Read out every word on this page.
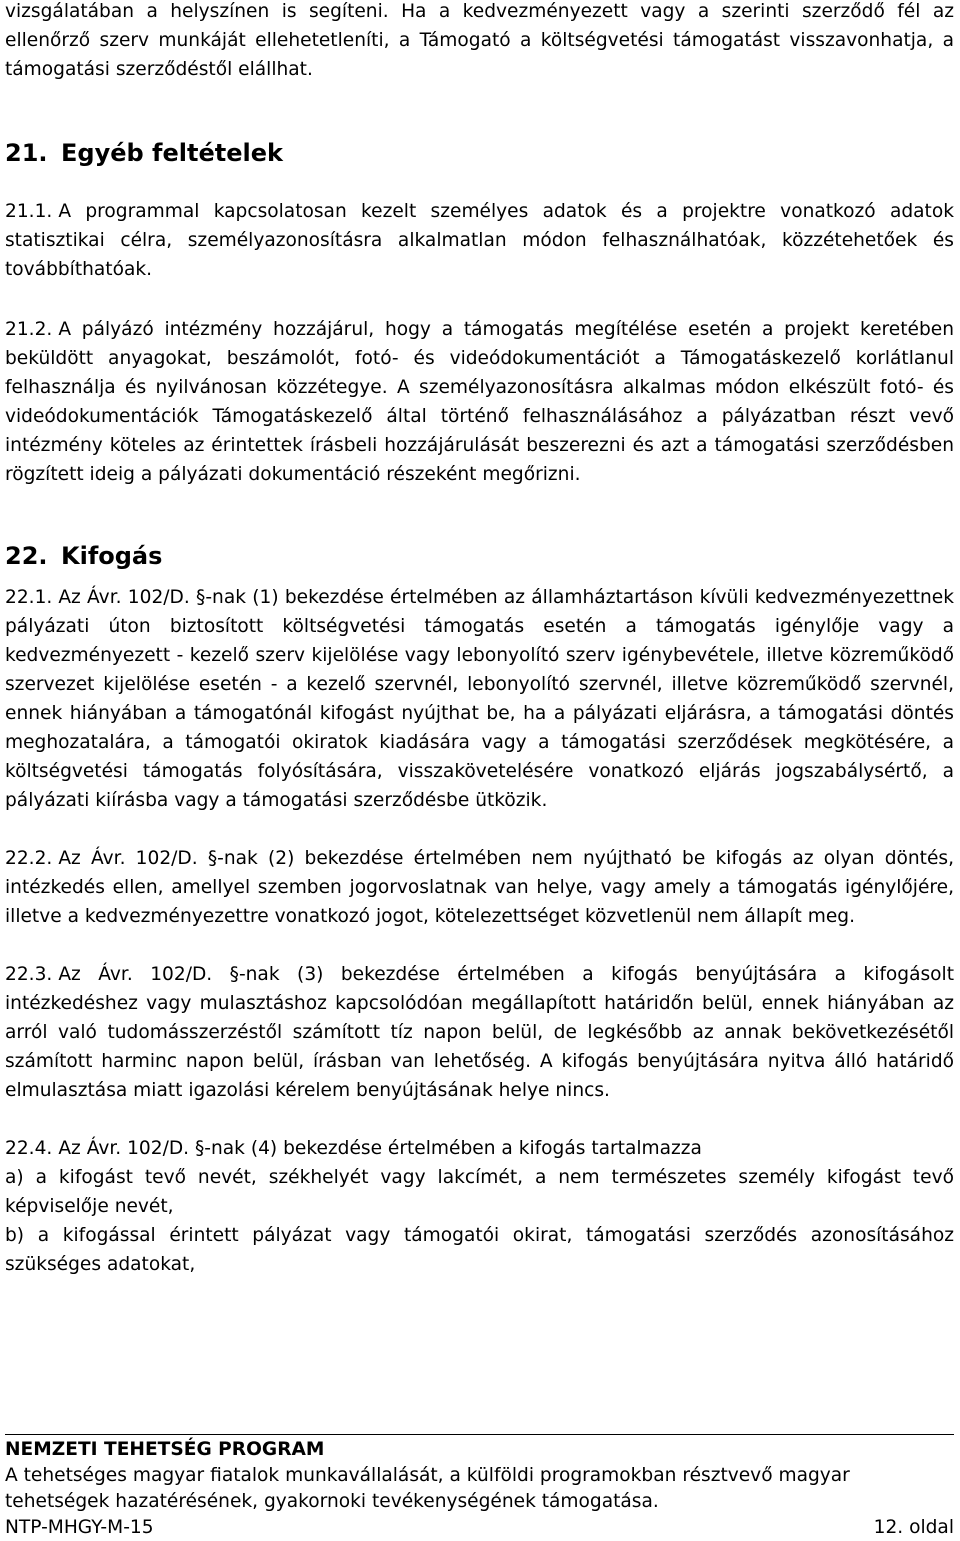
vizsgálatában a helyszínen is segíteni. Ha a kedvezményezett vagy a szerinti szerződő fél az ellenőrző szerv munkáját ellehetetleníti, a Támogató a költségvetési támogatást visszavonhatja, a támogatási szerződéstől elállhat.

21. Egyéb feltételek

21.1. A programmal kapcsolatosan kezelt személyes adatok és a projektre vonatkozó adatok statisztikai célra, személyazonosításra alkalmatlan módon felhasználhatóak, közzétehetőek és továbbíthatóak.

21.2. A pályázó intézmény hozzájárul, hogy a támogatás megítélése esetén a projekt keretében beküldött anyagokat, beszámolót, fotó- és videódokumentációt a Támogatáskezelő korlátlanul felhasználja és nyilvánosan közzétegye. A személyazonosításra alkalmas módon elkészült fotó- és videódokumentációk Támogatáskezelő által történő felhasználásához a pályázatban részt vevő intézmény köteles az érintettek írásbeli hozzájárulását beszerezni és azt a támogatási szerződésben rögzített ideig a pályázati dokumentáció részeként megőrizni.

22. Kifogás

22.1. Az Ávr. 102/D. §-nak (1) bekezdése értelmében az államháztartáson kívüli kedvezményezettnek pályázati úton biztosított költségvetési támogatás esetén a támogatás igénylője vagy a kedvezményezett - kezelő szerv kijelölése vagy lebonyolító szerv igénybevétele, illetve közreműködő szervezet kijelölése esetén - a kezelő szervnél, lebonyolító szervnél, illetve közreműködő szervnél, ennek hiányában a támogatónál kifogást nyújthat be, ha a pályázati eljárásra, a támogatási döntés meghozatalára, a támogatói okiratok kiadására vagy a támogatási szerződések megkötésére, a költségvetési támogatás folyósítására, visszakövetelésére vonatkozó eljárás jogszabálysértő, a pályázati kiírásba vagy a támogatási szerződésbe ütközik.

22.2. Az Ávr. 102/D. §-nak (2) bekezdése értelmében nem nyújtható be kifogás az olyan döntés, intézkedés ellen, amellyel szemben jogorvoslatnak van helye, vagy amely a támogatás igénylőjére, illetve a kedvezményezettre vonatkozó jogot, kötelezettséget közvetlenül nem állapít meg.

22.3. Az Ávr. 102/D. §-nak (3) bekezdése értelmében a kifogás benyújtására a kifogásolt intézkedéshez vagy mulasztáshoz kapcsolódóan megállapított határidőn belül, ennek hiányában az arról való tudomásszerzéstől számított tíz napon belül, de legkésőbb az annak bekövetkezésétől számított harminc napon belül, írásban van lehetőség. A kifogás benyújtására nyitva álló határidő elmulasztása miatt igazolási kérelem benyújtásának helye nincs.

22.4. Az Ávr. 102/D. §-nak (4) bekezdése értelmében a kifogás tartalmazza

a) a kifogást tevő nevét, székhelyét vagy lakcímét, a nem természetes személy kifogást tevő képviselője nevét,

b) a kifogással érintett pályázat vagy támogatói okirat, támogatási szerződés azonosításához szükséges adatokat,

NEMZETI TEHETSÉG PROGRAM

A tehetséges magyar fiatalok munkavállalását, a külföldi programokban résztvevő magyar tehetségek hazatérésének, gyakornoki tevékenységének támogatása.

NTP-MHGY-M-15	12. oldal
